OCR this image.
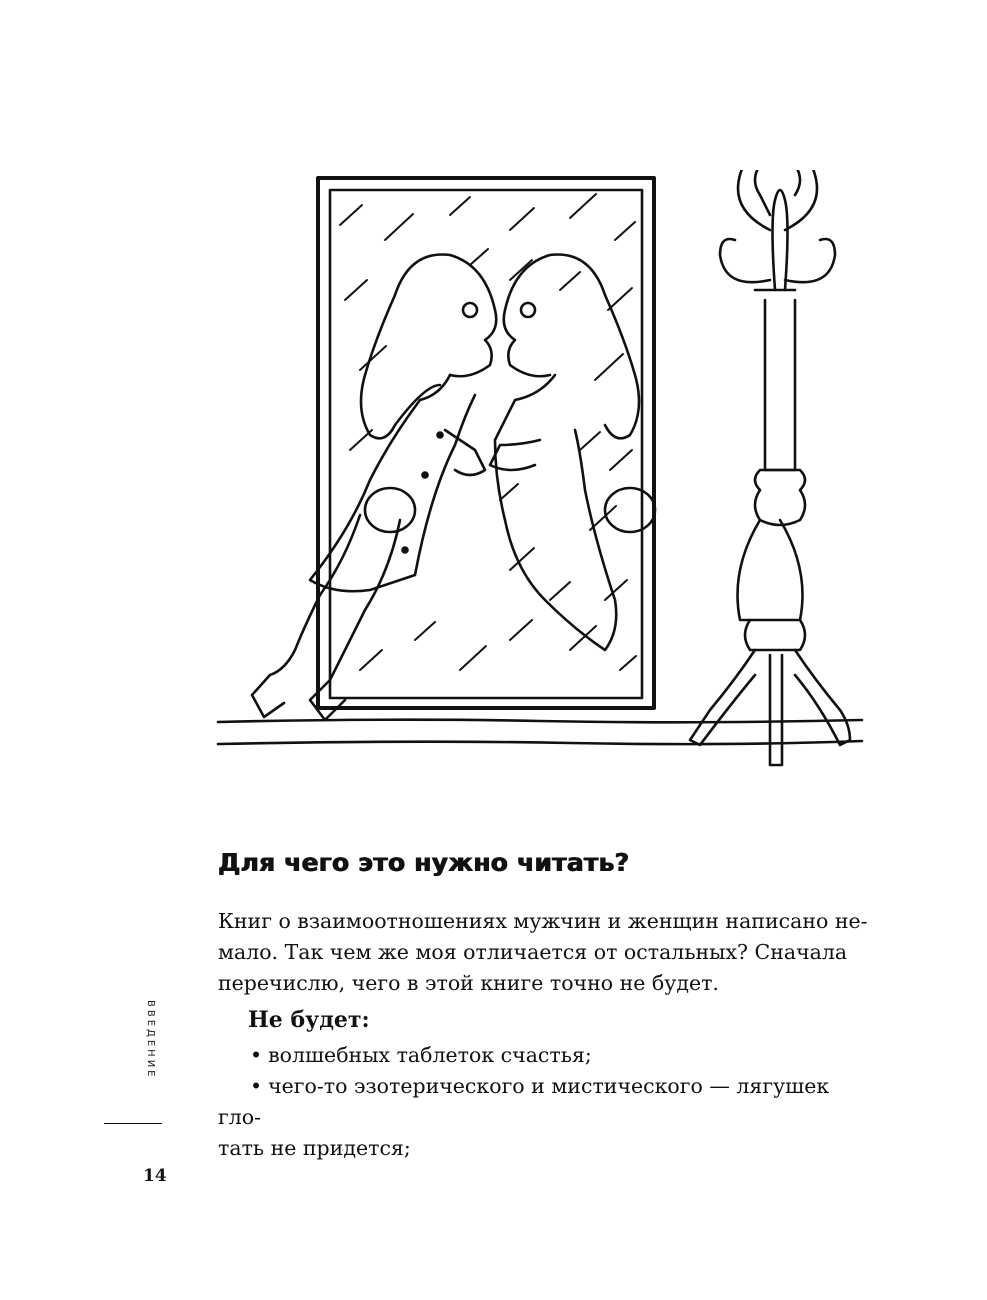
Для чего это нужно читать?
Книг о взаимоотношениях мужчин и женщин написано не-
мало. Так чем же моя отличается от остальных? Сначала
перечислю, чего в этой книге точно не будет.
Не будет:
• волшебных таблеток счастья;
• чего-то эзотерического и мистического — лягушек гло-
тать не придется;
ВВЕДЕНИЕ
14
